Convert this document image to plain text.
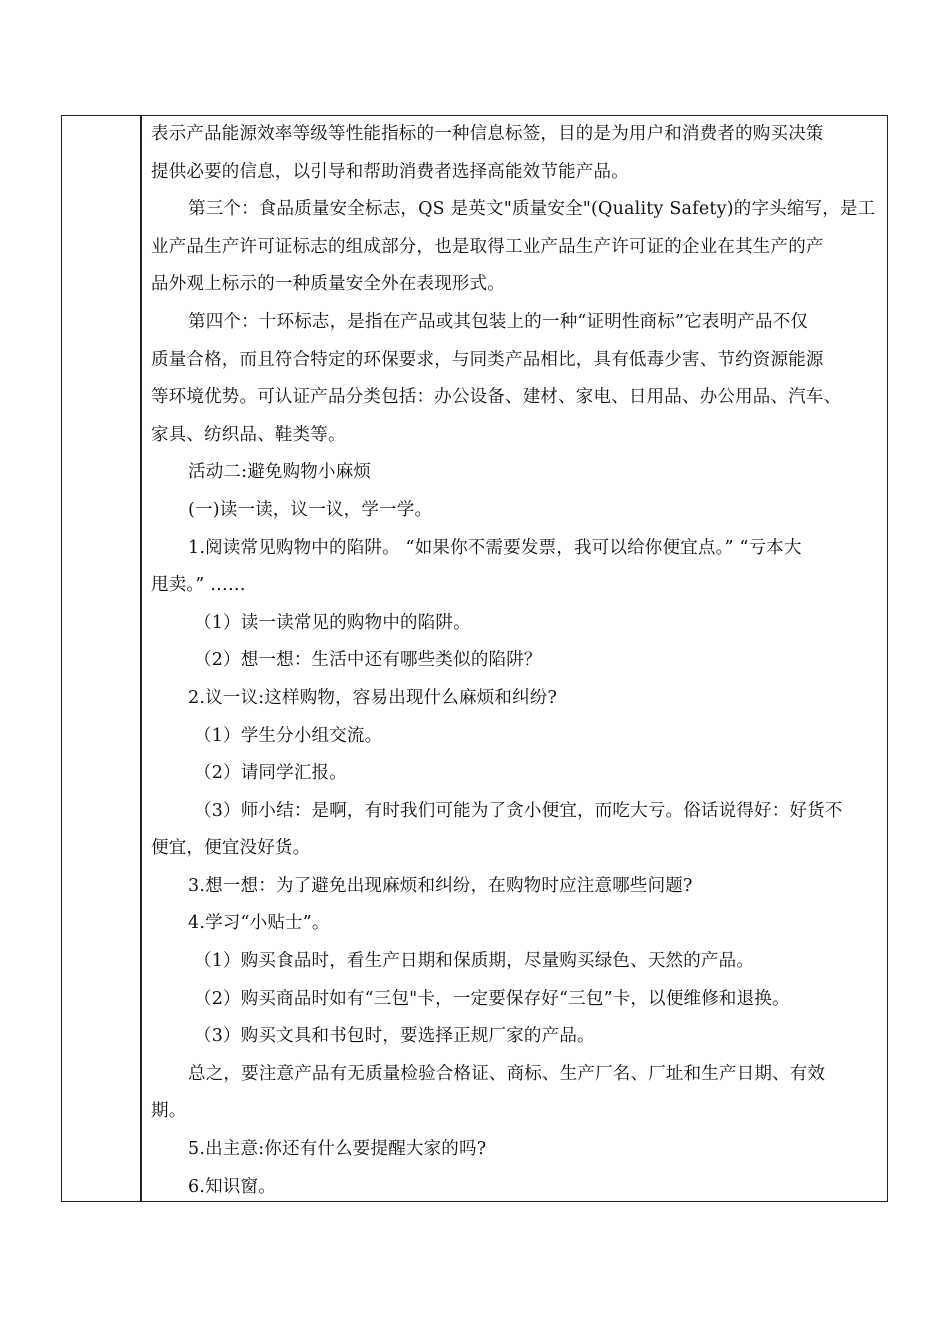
表示产品能源效率等级等性能指标的一种信息标签，目的是为用户和消费者的购买决策
提供必要的信息，以引导和帮助消费者选择高能效节能产品。
第三个：食品质量安全标志，QS 是英文"质量安全"(Quality Safety)的字头缩写，是工
业产品生产许可证标志的组成部分，也是取得工业产品生产许可证的企业在其生产的产
品外观上标示的一种质量安全外在表现形式。
第四个：十环标志，是指在产品或其包装上的一种“证明性商标”它表明产品不仅
质量合格，而且符合特定的环保要求，与同类产品相比，具有低毒少害、节约资源能源
等环境优势。可认证产品分类包括：办公设备、建材、家电、日用品、办公用品、汽车、
家具、纺织品、鞋类等。
活动二:避免购物小麻烦
(一)读一读，议一议，学一学。
1.阅读常见购物中的陷阱。 “如果你不需要发票，我可以给你便宜点。” “亏本大
甩卖。” ……
（1）读一读常见的购物中的陷阱。
（2）想一想：生活中还有哪些类似的陷阱？
2.议一议:这样购物，容易出现什么麻烦和纠纷?
（1）学生分小组交流。
（2）请同学汇报。
（3）师小结：是啊，有时我们可能为了贪小便宜，而吃大亏。俗话说得好：好货不
便宜，便宜没好货。
3.想一想：为了避免出现麻烦和纠纷，在购物时应注意哪些问题?
4.学习“小贴士”。
（1）购买食品时，看生产日期和保质期，尽量购买绿色、天然的产品。
（2）购买商品时如有“三包"卡，一定要保存好“三包”卡，以便维修和退换。
（3）购买文具和书包时，要选择正规厂家的产品。
总之，要注意产品有无质量检验合格证、商标、生产厂名、厂址和生产日期、有效
期。
5.出主意:你还有什么要提醒大家的吗?
6.知识窗。
